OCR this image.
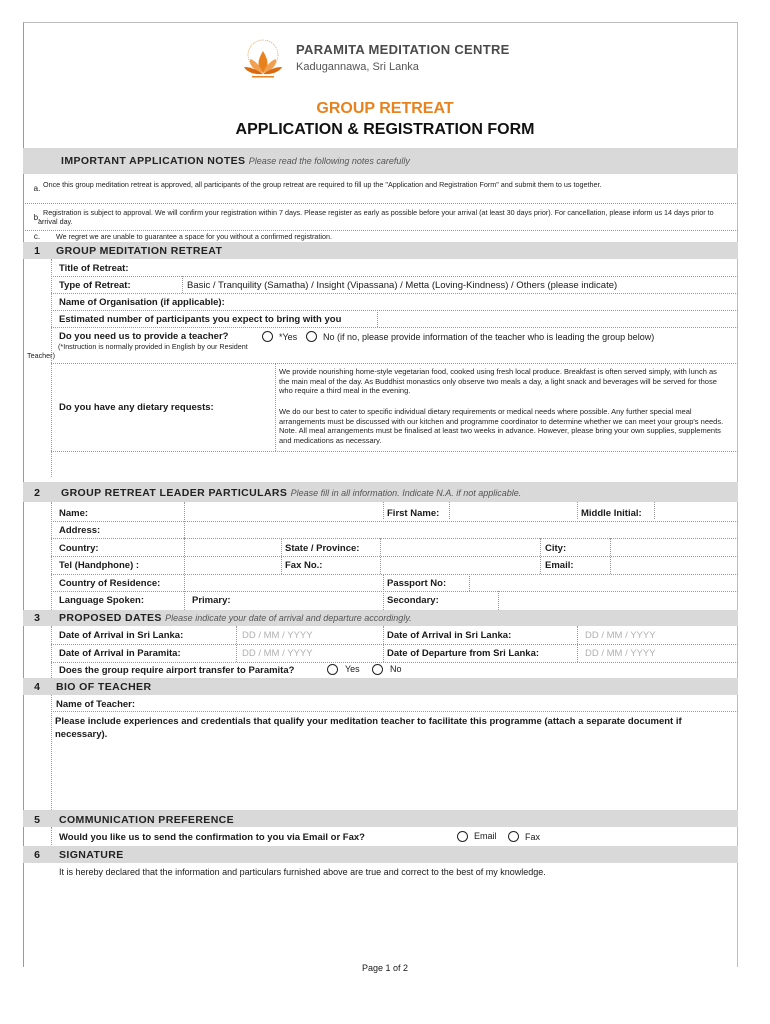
PARAMITA MEDITATION CENTRE
Kadugannawa, Sri Lanka
GROUP RETREAT
APPLICATION & REGISTRATION FORM
IMPORTANT APPLICATION NOTES Please read the following notes carefully
a. Once this group meditation retreat is approved, all participants of the group retreat are required to fill up the "Application and Registration Form" and submit them to us together.
b.
Registration is subject to approval. We will confirm your registration within 7 days. Please register as early as possible before your arrival (at least 30 days prior). For cancellation, please inform us 14 days prior to arrival day.
c.	We regret we are unable to guarantee a space for you without a confirmed registration.
1	GROUP MEDITATION RETREAT
Title of Retreat:
Type of Retreat:	Basic / Tranquility (Samatha) / Insight (Vipassana) / Metta (Loving-Kindness) / Others (please indicate)
Name of Organisation (if applicable):
Estimated number of participants you expect to bring with you
Do you need us to provide a teacher?
(*Instruction is normally provided in English by our Resident Teacher)
*Yes	No (if no, please provide information of the teacher who is leading the group below)
Do you have any dietary requests:
We provide nourishing home-style vegetarian food, cooked using fresh local produce. Breakfast is often served simply, with lunch as the main meal of the day. As Buddhist monastics only observe two meals a day, a light snack and beverages will be served for those who require a third meal in the evening.
We do our best to cater to specific individual dietary requirements or medical needs where possible. Any further special meal arrangements must be discussed with our kitchen and programme coordinator to determine whether we can meet your group's needs. Note. All meal arrangements must be finalised at least two weeks in advance. However, please bring your own supplies, supplements and medications as necessary.
2	GROUP RETREAT LEADER PARTICULARS Please fill in all information. Indicate N.A. if not applicable.
Name:	First Name:	Middle Initial:
Address:
Country:	State / Province:	City:
Tel (Handphone) :	Fax No.:	Email:
Country of Residence:	Passport No:
Language Spoken:	Primary:	Secondary:
3	PROPOSED DATES Please indicate your date of arrival and departure accordingly.
Date of Arrival in Sri Lanka:	DD / MM / YYYY	Date of Arrival in Sri Lanka:	DD / MM / YYYY
Date of Arrival in Paramita:	DD / MM / YYYY	Date of Departure from Sri Lanka:	DD / MM / YYYY
Does the group require airport transfer to Paramita?	Yes	No
4	BIO OF TEACHER
Name of Teacher:
Please include experiences and credentials that qualify your meditation teacher to facilitate this programme (attach a separate document if necessary).
5	COMMUNICATION PREFERENCE
Would you like us to send the confirmation to you via Email or Fax?	Email	Fax
6	SIGNATURE
It is hereby declared that the information and particulars furnished above are true and correct to the best of my knowledge.
Page 1 of 2
